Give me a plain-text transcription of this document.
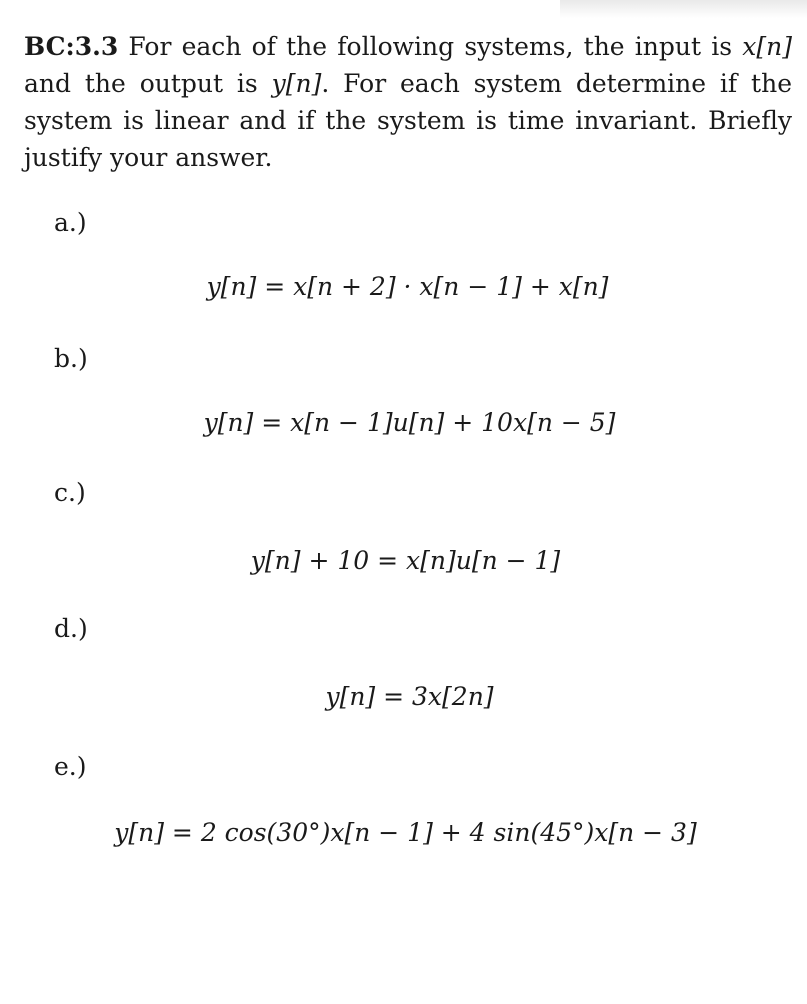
BC:3.3 For each of the following systems, the input is x[n] and the output is y[n]. For each system determine if the system is linear and if the system is time invariant. Briefly justify your answer.
a.)
y[n] = x[n + 2] · x[n − 1] + x[n]
b.)
y[n] = x[n − 1]u[n] + 10x[n − 5]
c.)
y[n] + 10 = x[n]u[n − 1]
d.)
y[n] = 3x[2n]
e.)
y[n] = 2 cos(30°)x[n − 1] + 4 sin(45°)x[n − 3]
